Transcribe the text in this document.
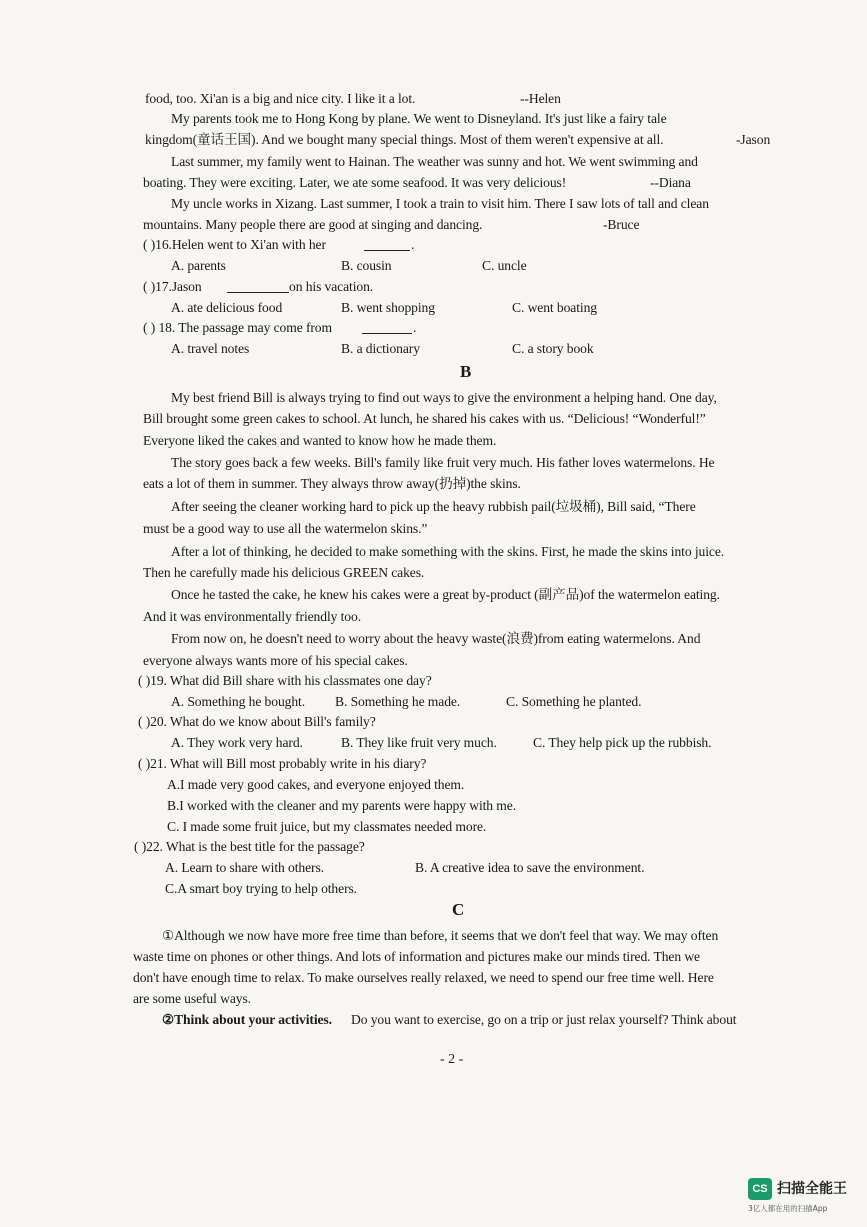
food, too. Xi'an is a big and nice city. I like it a lot.	--Helen
My parents took me to Hong Kong by plane. We went to Disneyland. It's just like a fairy tale
kingdom(童话王国). And we bought many special things. Most of them weren't expensive at all.	-Jason
Last summer, my family went to Hainan. The weather was sunny and hot. We went swimming and
boating. They were exciting. Later, we ate some seafood. It was very delicious!	--Diana
My uncle works in Xizang. Last summer, I took a train to visit him. There I saw lots of tall and clean
mountains. Many people there are good at singing and dancing.	-Bruce
( )16.Helen went to Xi'an with her
A. parents	B. cousin	C. uncle
( )17.Jason	on his vacation.
A. ate delicious food	B. went shopping	C. went boating
( ) 18. The passage may come from
A. travel notes	B. a dictionary	C. a story book
My best friend Bill is always trying to find out ways to give the environment a helping hand. One day,
Bill brought some green cakes to school. At lunch, he shared his cakes with us. “Delicious! “Wonderful!”
Everyone liked the cakes and wanted to know how he made them.
The story goes back a few weeks. Bill's family like fruit very much. His father loves watermelons. He
eats a lot of them in summer. They always throw away(扔掉)the skins.
After seeing the cleaner working hard to pick up the heavy rubbish pail(垃圾桶), Bill said, “There
must be a good way to use all the watermelon skins.”
After a lot of thinking, he decided to make something with the skins. First, he made the skins into juice.
Then he carefully made his delicious GREEN cakes.
Once he tasted the cake, he knew his cakes were a great by-product (副产品)of the watermelon eating.
And it was environmentally friendly too.
From now on, he doesn't need to worry about the heavy waste(浪费)from eating watermelons. And
everyone always wants more of his special cakes.
( )19. What did Bill share with his classmates one day?
A. Something he bought. B. Something he made.	C. Something he planted.
( )20. What do we know about Bill's family?
A. They work very hard.	B. They like fruit very much.	C. They help pick up the rubbish.
( )21. What will Bill most probably write in his diary?
A.I made very good cakes, and everyone enjoyed them.
B.I worked with the cleaner and my parents were happy with me.
C. I made some fruit juice, but my classmates needed more.
( )22. What is the best title for the passage?
A. Learn to share with others.	B. A creative idea to save the environment.
C.A smart boy trying to help others.
①Although we now have more free time than before, it seems that we don't feel that way. We may often
waste time on phones or other things. And lots of information and pictures make our minds tired. Then we
don't have enough time to relax. To make ourselves really relaxed, we need to spend our free time well. Here
are some useful ways.
Do you want to exercise, go on a trip or just relax yourself? Think about
②Think about your activities.
.
.
B
C
- 2 -
CS 扫描全能王
3亿人都在用的扫描App
